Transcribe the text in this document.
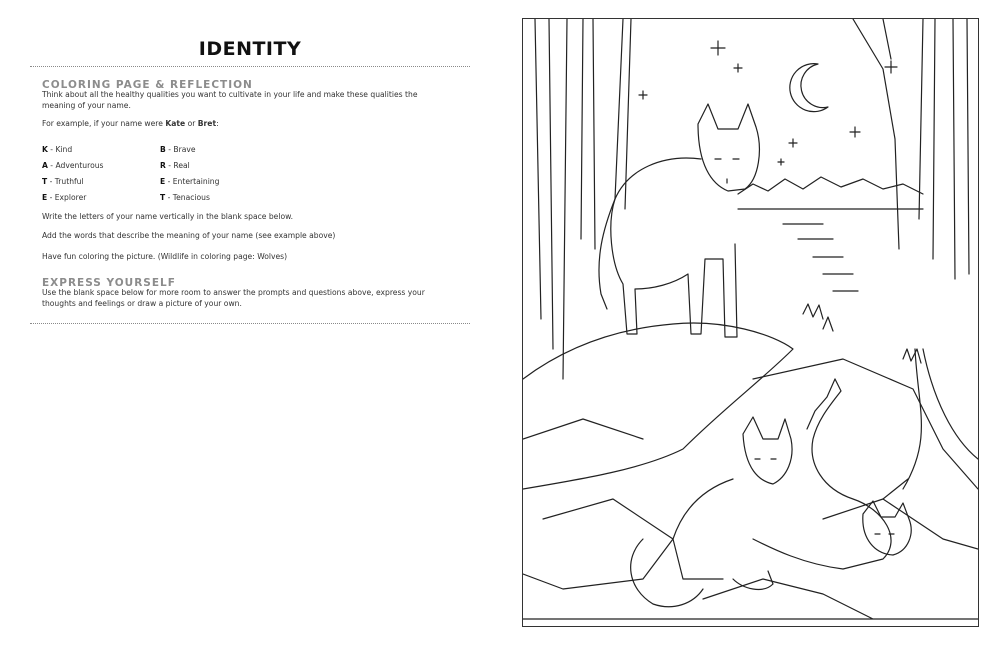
IDENTITY
COLORING PAGE & REFLECTION
Think about all the healthy qualities you want to cultivate in your life and make these qualities the
meaning of your name.
For example, if your name were Kate or Bret:
K - Kind
A - Adventurous
T - Truthful
E - Explorer
B - Brave
R - Real
E - Entertaining
T - Tenacious
Write the letters of your name vertically in the blank space below.
Add the words that describe the meaning of your name (see example above)
Have fun coloring the picture. (Wildlife in coloring page: Wolves)
EXPRESS YOURSELF
Use the blank space below for more room to answer the prompts and questions above, express your
thoughts and feelings or draw a picture of your own.
